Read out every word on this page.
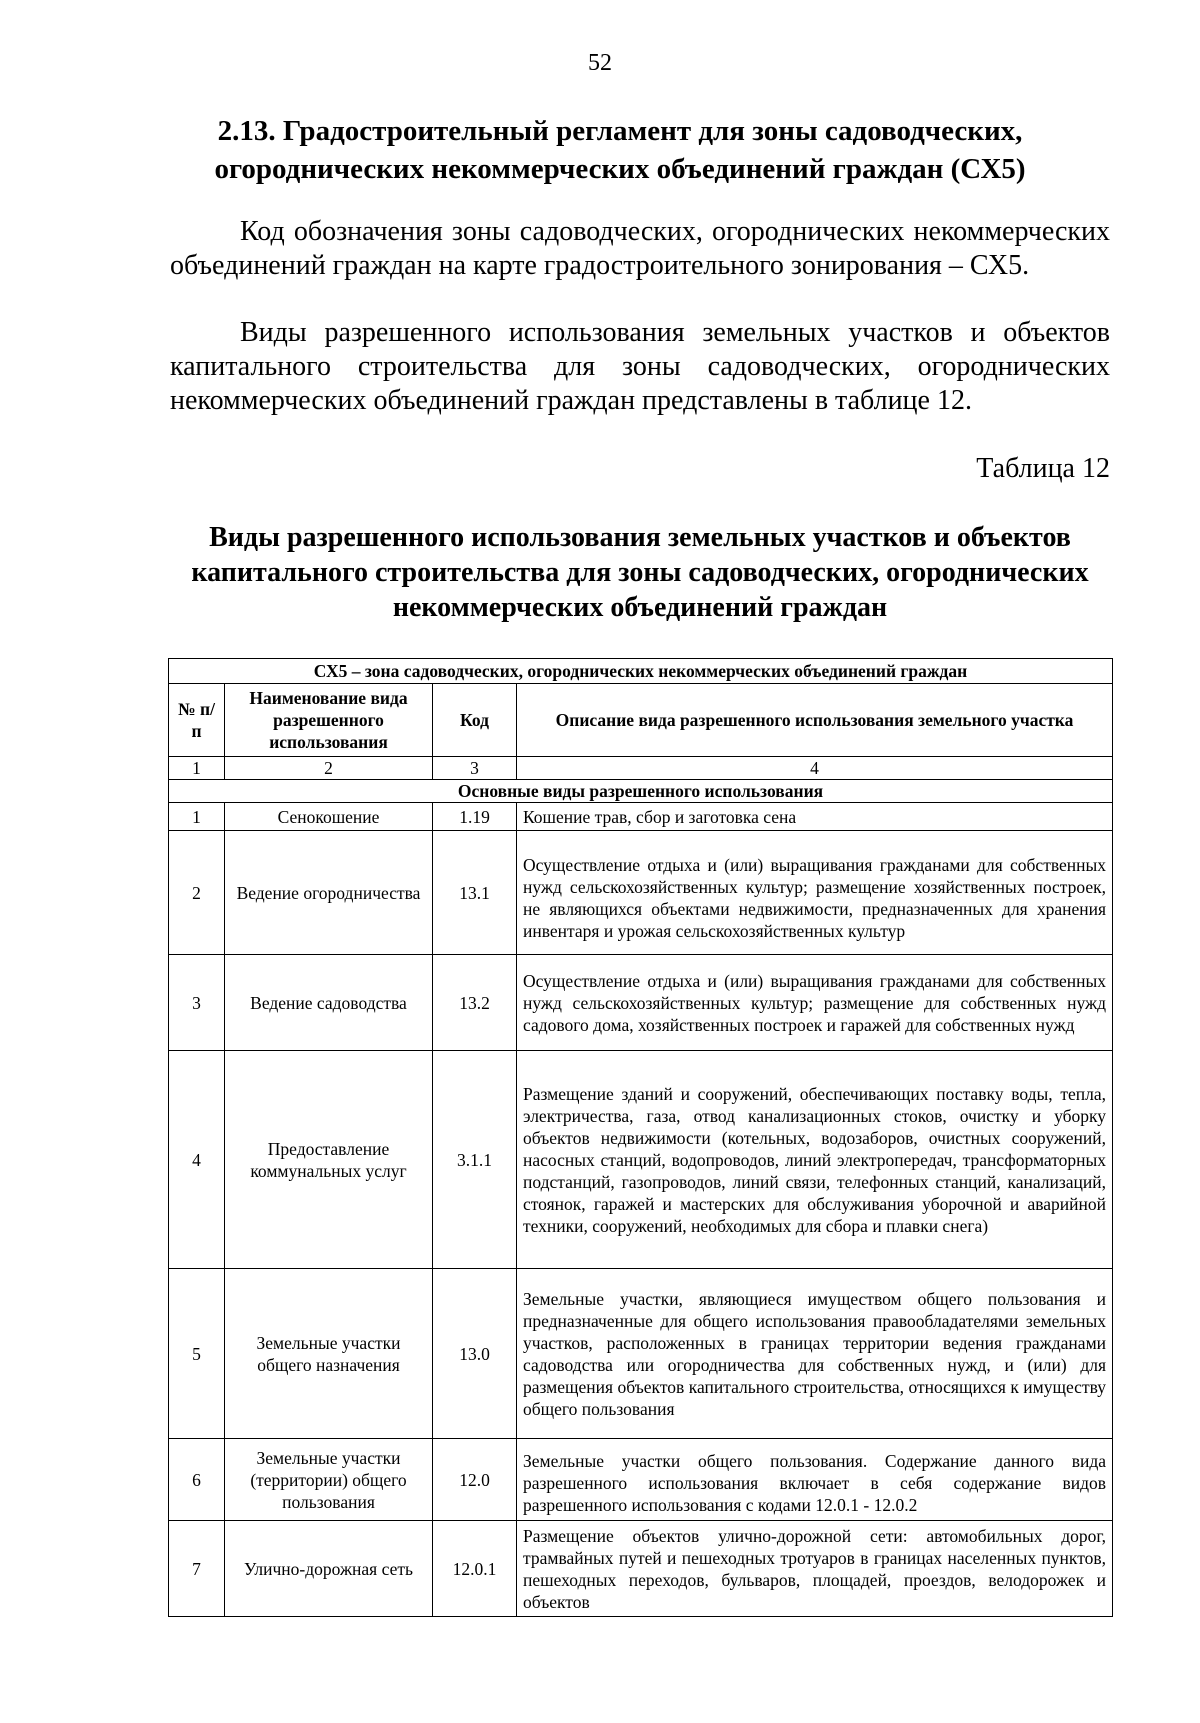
52
2.13. Градостроительный регламент для зоны садоводческих, огороднических некоммерческих объединений граждан (СХ5)
Код обозначения зоны садоводческих, огороднических некоммерческих объединений граждан на карте градостроительного зонирования – СХ5.
Виды разрешенного использования земельных участков и объектов капитального строительства для зоны садоводческих, огороднических некоммерческих объединений граждан представлены в таблице 12.
Таблица 12
Виды разрешенного использования земельных участков и объектов капитального строительства для зоны садоводческих, огороднических некоммерческих объединений граждан
СХ5 – зона садоводческих, огороднических некоммерческих объединений граждан			
№ п/п	Наименование вида разрешенного использования	Код	Описание вида разрешенного использования земельного участка
1	2	3	4
Основные виды разрешенного использования			
1	Сенокошение	1.19	Кошение трав, сбор и заготовка сена
2	Ведение огородничества	13.1	Осуществление отдыха и (или) выращивания гражданами для собственных нужд сельскохозяйственных культур; размещение хозяйственных построек, не являющихся объектами недвижимости, предназначенных для хранения инвентаря и урожая сельскохозяйственных культур
3	Ведение садоводства	13.2	Осуществление отдыха и (или) выращивания гражданами для собственных нужд сельскохозяйственных культур; размещение для собственных нужд садового дома, хозяйственных построек и гаражей для собственных нужд
4	Предоставление коммунальных услуг	3.1.1	Размещение зданий и сооружений, обеспечивающих поставку воды, тепла, электричества, газа, отвод канализационных стоков, очистку и уборку объектов недвижимости (котельных, водозаборов, очистных сооружений, насосных станций, водопроводов, линий электропередач, трансформаторных подстанций, газопроводов, линий связи, телефонных станций, канализаций, стоянок, гаражей и мастерских для обслуживания уборочной и аварийной техники, сооружений, необходимых для сбора и плавки снега)
5	Земельные участки общего назначения	13.0	Земельные участки, являющиеся имуществом общего пользования и предназначенные для общего использования правообладателями земельных участков, расположенных в границах территории ведения гражданами садоводства или огородничества для собственных нужд, и (или) для размещения объектов капитального строительства, относящихся к имуществу общего пользования
6	Земельные участки (территории) общего пользования	12.0	Земельные участки общего пользования. Содержание данного вида разрешенного использования включает в себя содержание видов разрешенного использования с кодами 12.0.1 - 12.0.2
7	Улично-дорожная сеть	12.0.1	Размещение объектов улично-дорожной сети: автомобильных дорог, трамвайных путей и пешеходных тротуаров в границах населенных пунктов, пешеходных переходов, бульваров, площадей, проездов, велодорожек и объектов
